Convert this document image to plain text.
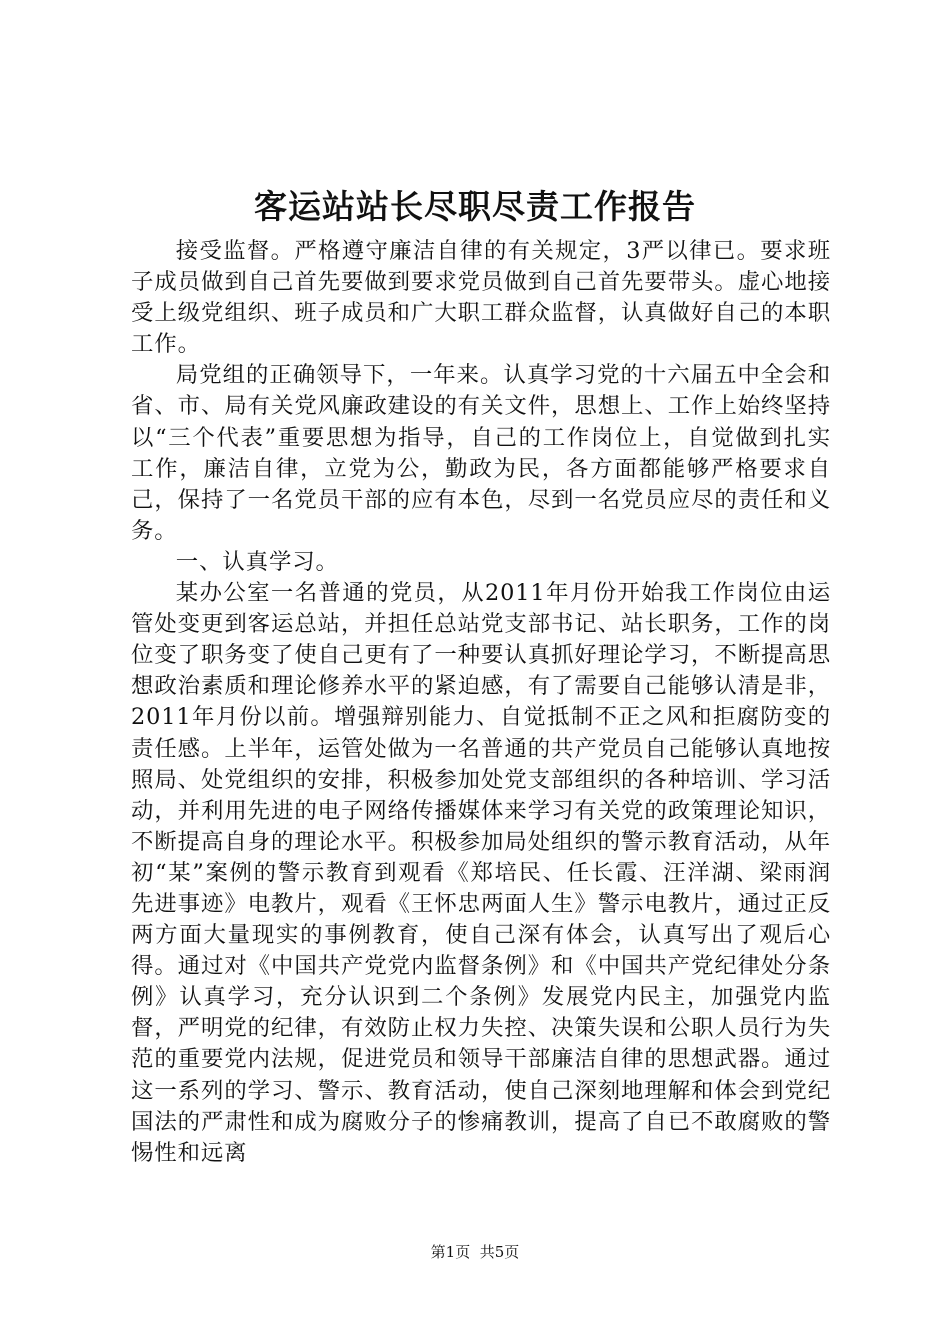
客运站站长尽职尽责工作报告

接受监督。严格遵守廉洁自律的有关规定，3严以律已。要求班子成员做到自己首先要做到要求党员做到自己首先要带头。虚心地接受上级党组织、班子成员和广大职工群众监督，认真做好自己的本职工作。

局党组的正确领导下，一年来。认真学习党的十六届五中全会和省、市、局有关党风廉政建设的有关文件，思想上、工作上始终坚持以“三个代表”重要思想为指导，自己的工作岗位上，自觉做到扎实工作，廉洁自律，立党为公，勤政为民，各方面都能够严格要求自己，保持了一名党员干部的应有本色，尽到一名党员应尽的责任和义务。

一、认真学习。

某办公室一名普通的党员，从2011年月份开始我工作岗位由运管处变更到客运总站，并担任总站党支部书记、站长职务，工作的岗位变了职务变了使自己更有了一种要认真抓好理论学习，不断提高思想政治素质和理论修养水平的紧迫感，有了需要自己能够认清是非，2011年月份以前。增强辩别能力、自觉抵制不正之风和拒腐防变的责任感。上半年，运管处做为一名普通的共产党员自己能够认真地按照局、处党组织的安排，积极参加处党支部组织的各种培训、学习活动，并利用先进的电子网络传播媒体来学习有关党的政策理论知识，不断提高自身的理论水平。积极参加局处组织的警示教育活动，从年初“某”案例的警示教育到观看《郑培民、任长霞、汪洋湖、梁雨润先进事迹》电教片，观看《王怀忠两面人生》警示电教片，通过正反两方面大量现实的事例教育，使自己深有体会，认真写出了观后心得。通过对《中国共产党党内监督条例》和《中国共产党纪律处分条例》认真学习，充分认识到二个条例》发展党内民主，加强党内监督，严明党的纪律，有效防止权力失控、决策失误和公职人员行为失范的重要党内法规，促进党员和领导干部廉洁自律的思想武器。通过这一系列的学习、警示、教育活动，使自己深刻地理解和体会到党纪国法的严肃性和成为腐败分子的惨痛教训，提高了自已不敢腐败的警惕性和远离

第1页 共5页
